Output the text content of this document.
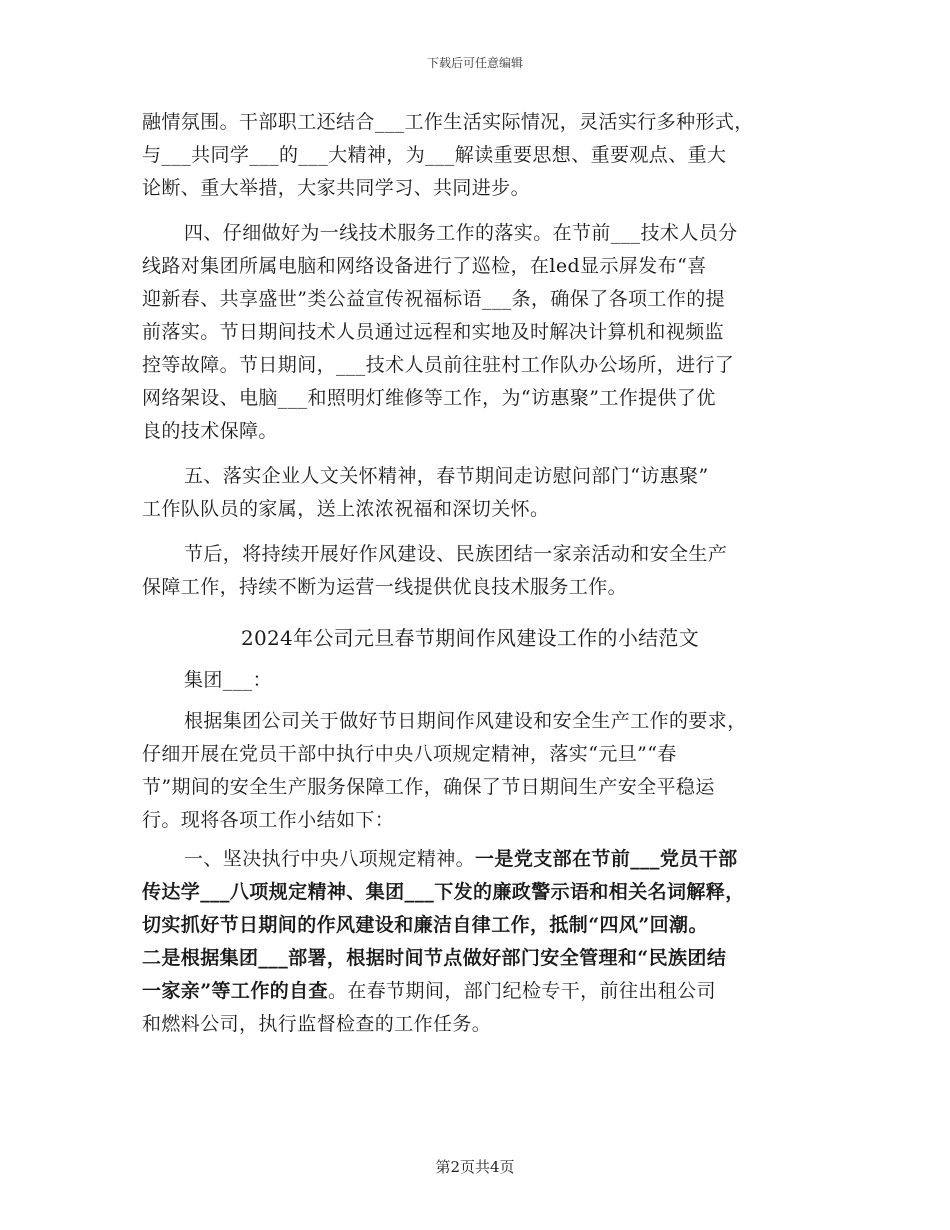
下载后可任意编辑
融情氛围。干部职工还结合___工作生活实际情况，灵活实行多种形式，
与___共同学___的___大精神，为___解读重要思想、重要观点、重大
论断、重大举措，大家共同学习、共同进步。
四、仔细做好为一线技术服务工作的落实。在节前___技术人员分
线路对集团所属电脑和网络设备进行了巡检，在led显示屏发布“喜
迎新春、共享盛世”类公益宣传祝福标语___条，确保了各项工作的提
前落实。节日期间技术人员通过远程和实地及时解决计算机和视频监
控等故障。节日期间，___技术人员前往驻村工作队办公场所，进行了
网络架设、电脑___和照明灯维修等工作，为“访惠聚”工作提供了优
良的技术保障。
五、落实企业人文关怀精神，春节期间走访慰问部门“访惠聚”
工作队队员的家属，送上浓浓祝福和深切关怀。
节后，将持续开展好作风建设、民族团结一家亲活动和安全生产
保障工作，持续不断为运营一线提供优良技术服务工作。
2024年公司元旦春节期间作风建设工作的小结范文
集团___：
根据集团公司关于做好节日期间作风建设和安全生产工作的要求，
仔细开展在党员干部中执行中央八项规定精神，落实“元旦”“春
节”期间的安全生产服务保障工作，确保了节日期间生产安全平稳运
行。现将各项工作小结如下：
一、坚决执行中央八项规定精神。一是党支部在节前___党员干部
传达学___八项规定精神、集团___下发的廉政警示语和相关名词解释，
切实抓好节日期间的作风建设和廉洁自律工作，抵制“四风”回潮。
二是根据集团___部署，根据时间节点做好部门安全管理和“民族团结
一家亲”等工作的自查。在春节期间，部门纪检专干，前往出租公司
和燃料公司，执行监督检查的工作任务。
第2页共4页
